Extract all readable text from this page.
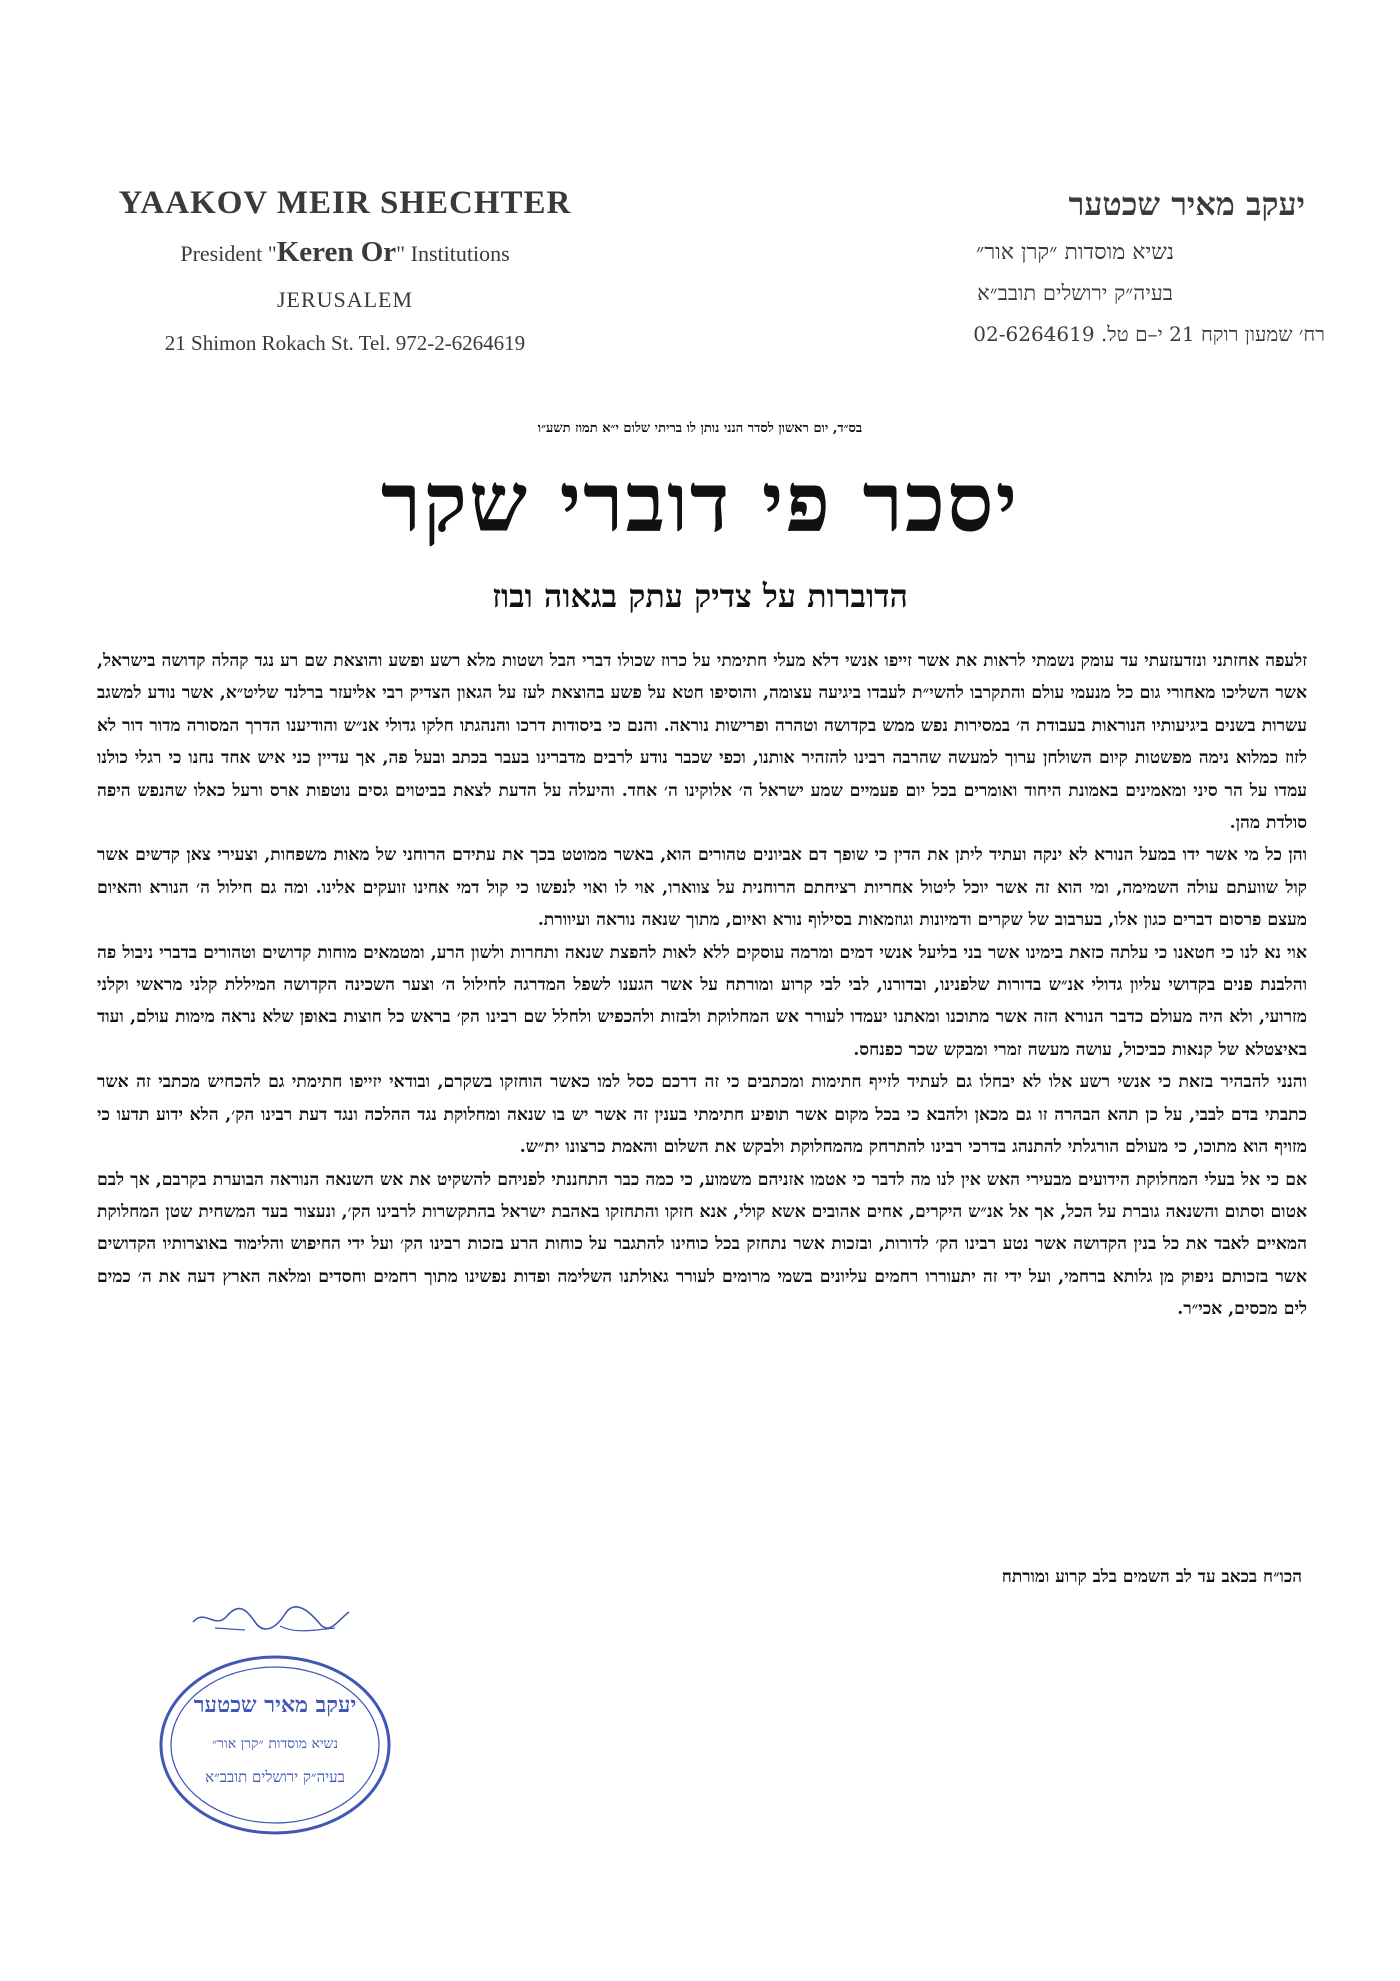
YAAKOV MEIR SHECHTER
President "Keren Or" Institutions
JERUSALEM
21 Shimon Rokach St. Tel. 972-2-6264619
יעקב מאיר שכטער
נשיא מוסדות ״קרן אור״
בעיה״ק ירושלים תובב״א
רח׳ שמעון רוקח 21 י–ם טל. 02-6264619
בס״ד, יום ראשון לסדר הנני נותן לו בריתי שלום י״א תמוז תשע״ו
יסכר פי דוברי שקר
הדוברות על צדיק עתק בגאוה ובוז

זלעפה אחזתני ונזדעזעתי עד עומק נשמתי לראות את אשר זייפו אנשי דלא מעלי חתימתי על כרוז שכולו דברי הבל ושטות מלא רשע ופשע והוצאת שם רע נגד קהלה קדושה בישראל, אשר השליכו מאחורי גום כל מנעמי עולם והתקרבו להשי״ת לעבדו ביגיעה עצומה, והוסיפו חטא על פשע בהוצאת לעז על הגאון הצדיק רבי אליעזר ברלנד שליט״א, אשר נודע למשגב עשרות בשנים ביגיעותיו הנוראות בעבודת ה׳ במסירות נפש ממש בקדושה וטהרה ופרישות נוראה. והנם כי ביסודות דרכו והנהגתו חלקו גדולי אנ״ש והודיענו הדרך המסורה מדור דור לא לזוז כמלוא נימה מפשטות קיום השולחן ערוך למעשה שהרבה רבינו להזהיר אותנו, וכפי שכבר נודע לרבים מדברינו בעבר בכתב ובעל פה, אך עדיין כני איש אחד נחנו כי רגלי כולנו עמדו על הר סיני ומאמינים באמונת היחוד ואומרים בכל יום פעמיים שמע ישראל ה׳ אלוקינו ה׳ אחד. והיעלה על הדעת לצאת בביטוים גסים נוטפות ארס ורעל כאלו שהנפש היפה סולדת מהן.

והן כל מי אשר ידו במעל הנורא לא ינקה ועתיד ליתן את הדין כי שופך דם אביונים טהורים הוא, באשר ממוטט בכך את עתידם הרוחני של מאות משפחות, וצעירי צאן קדשים אשר קול שוועתם עולה השמימה, ומי הוא זה אשר יוכל ליטול אחריות רציחתם הרוחנית על צווארו, אוי לו ואוי לנפשו כי קול דמי אחינו זועקים אלינו. ומה גם חילול ה׳ הנורא והאיום מעצם פרסום דברים כגון אלו, בערבוב של שקרים ודמיונות וגוזמאות בסילוף נורא ואיום, מתוך שנאה נוראה ועיוורת.

אוי נא לנו כי חטאנו כי עלתה כזאת בימינו אשר בני בליעל אנשי דמים ומרמה עוסקים ללא לאות להפצת שנאה ותחרות ולשון הרע, ומטמאים מוחות קדושים וטהורים בדברי ניבול פה והלבנת פנים בקדושי עליון גדולי אנ״ש בדורות שלפנינו, ובדורנו, לבי לבי קרוע ומורתח על אשר הגענו לשפל המדרגה לחילול ה׳ וצער השכינה הקדושה המיללת קלני מראשי וקלני מזרועי, ולא היה מעולם כדבר הנורא הזה אשר מתוכנו ומאתנו יעמדו לעורר אש המחלוקת ולבזות ולהכפיש ולחלל שם רבינו הק׳ בראש כל חוצות באופן שלא נראה מימות עולם, ועוד באיצטלא של קנאות כביכול, עושה מעשה זמרי ומבקש שכר כפנחס.

והנני להבהיר בזאת כי אנשי רשע אלו לא יבחלו גם לעתיד לזייף חתימות ומכתבים כי זה דרכם כסל למו כאשר הוחזקו בשקרם, ובודאי יזייפו חתימתי גם להכחיש מכתבי זה אשר כתבתי בדם לבבי, על כן תהא הבהרה זו גם מכאן ולהבא כי בכל מקום אשר תופיע חתימתי בענין זה אשר יש בו שנאה ומחלוקת נגד ההלכה ונגד דעת רבינו הק׳, הלא ידוע תדעו כי מזויף הוא מתוכו, כי מעולם הורגלתי להתנהג בדרכי רבינו להתרחק מהמחלוקת ולבקש את השלום והאמת כרצונו ית״ש.

אם כי אל בעלי המחלוקת הידועים מבעירי האש אין לנו מה לדבר כי אטמו אזניהם משמוע, כי כמה כבר התחננתי לפניהם להשקיט את אש השנאה הנוראה הבוערת בקרבם, אך לבם אטום וסתום והשנאה גוברת על הכל, אך אל אנ״ש היקרים, אחים אהובים אשא קולי, אנא חזקו והתחזקו באהבת ישראל בהתקשרות לרבינו הק׳, ונעצור בעד המשחית שטן המחלוקת המאיים לאבד את כל בנין הקדושה אשר נטע רבינו הק׳ לדורות, ובזכות אשר נתחזק בכל כוחינו להתגבר על כוחות הרע בזכות רבינו הק׳ ועל ידי החיפוש והלימוד באוצרותיו הקדושים אשר בזכותם ניפוק מן גלותא ברחמי, ועל ידי זה יתעוררו רחמים עליונים בשמי מרומים לעורר גאולתנו השלימה ופדות נפשינו מתוך רחמים וחסדים ומלאה הארץ דעה את ה׳ כמים לים מכסים, אכי״ר.

הכו״ח בכאב עד לב השמים בלב קרוע ומורתח
יעקב מאיר שכטער
נשיא מוסדות ״קרן אור״
בעיה״ק ירושלים תובב״א
